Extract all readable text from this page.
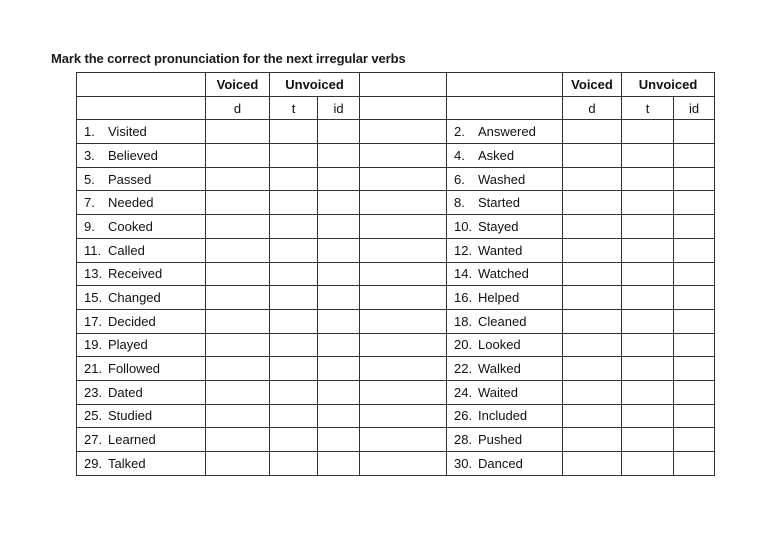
Mark the correct pronunciation for the next irregular verbs
	Voiced	Unvoiced				Voiced	Unvoiced	
	d	t	id			d	t	id
1. Visited					2. Answered			
3. Believed					4. Asked			
5. Passed					6. Washed			
7. Needed					8. Started			
9. Cooked					10. Stayed			
11. Called					12. Wanted			
13. Received					14. Watched			
15. Changed					16. Helped			
17. Decided					18. Cleaned			
19. Played					20. Looked			
21. Followed					22. Walked			
23. Dated					24. Waited			
25. Studied					26. Included			
27. Learned					28. Pushed			
29. Talked					30. Danced			
